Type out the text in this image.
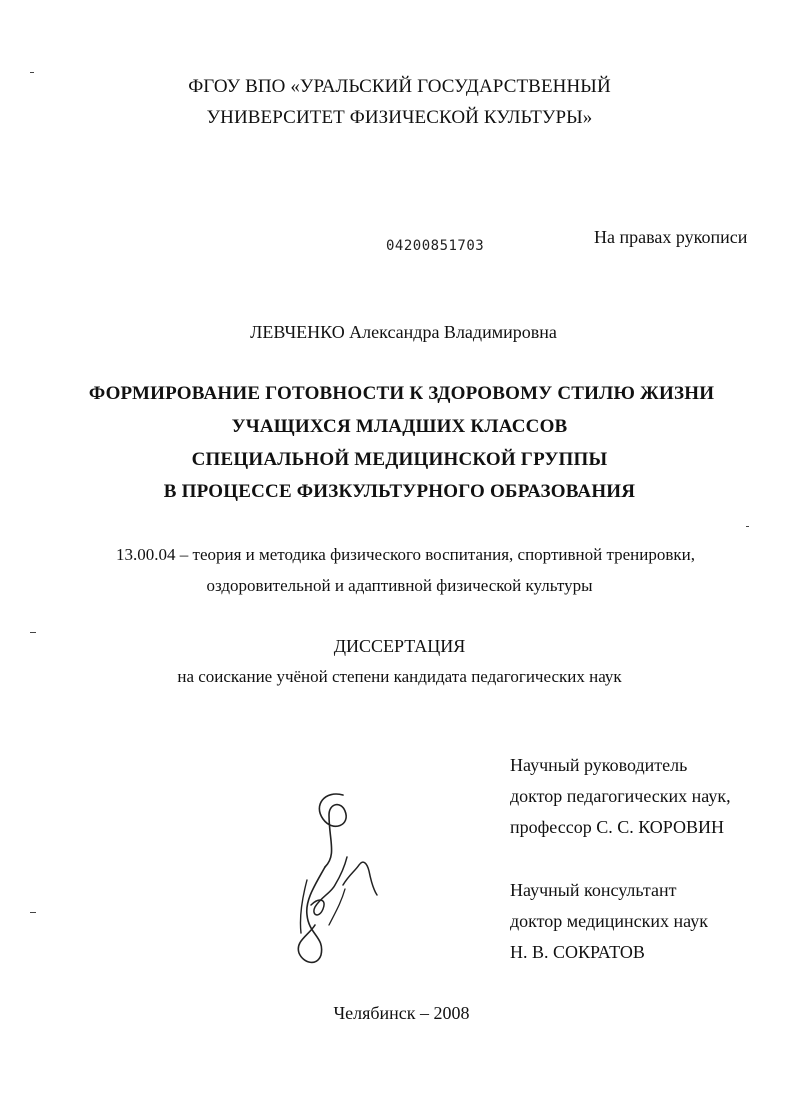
ФГОУ ВПО «УРАЛЬСКИЙ ГОСУДАРСТВЕННЫЙ
УНИВЕРСИТЕТ ФИЗИЧЕСКОЙ КУЛЬТУРЫ»
04200851703	На правах рукописи
ЛЕВЧЕНКО Александра Владимировна
ФОРМИРОВАНИЕ ГОТОВНОСТИ К ЗДОРОВОМУ СТИЛЮ ЖИЗНИ
УЧАЩИХСЯ МЛАДШИХ КЛАССОВ
СПЕЦИАЛЬНОЙ МЕДИЦИНСКОЙ ГРУППЫ
В ПРОЦЕССЕ ФИЗКУЛЬТУРНОГО ОБРАЗОВАНИЯ
13.00.04 – теория и методика физического воспитания, спортивной тренировки,
оздоровительной и адаптивной физической культуры
ДИССЕРТАЦИЯ
на соискание учёной степени кандидата педагогических наук
Научный руководитель
доктор педагогических наук,
профессор С. С. КОРОВИН
Научный консультант
доктор медицинских наук
Н. В. СОКРАТОВ
Челябинск – 2008
